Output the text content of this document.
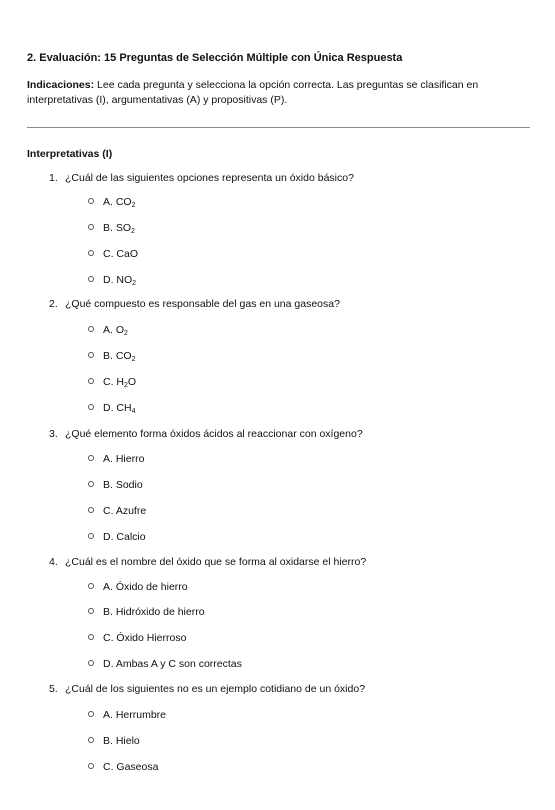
2. Evaluación: 15 Preguntas de Selección Múltiple con Única Respuesta
Indicaciones: Lee cada pregunta y selecciona la opción correcta. Las preguntas se clasifican en interpretativas (I), argumentativas (A) y propositivas (P).
Interpretativas (I)
1. ¿Cuál de las siguientes opciones representa un óxido básico?
A. $CO_2$
B. $SO_2$
C. CaO
D. $NO_2$
2. ¿Qué compuesto es responsable del gas en una gaseosa?
A. $O_2$
B. $CO_2$
C. $H_2O$
D. $CH_4$
3. ¿Qué elemento forma óxidos ácidos al reaccionar con oxígeno?
A. Hierro
B. Sodio
C. Azufre
D. Calcio
4. ¿Cuál es el nombre del óxido que se forma al oxidarse el hierro?
A. Óxido de hierro
B. Hidróxido de hierro
C. Óxido Hierroso
D. Ambas A y C son correctas
5. ¿Cuál de los siguientes no es un ejemplo cotidiano de un óxido?
A. Herrumbre
B. Hielo
C. Gaseosa
